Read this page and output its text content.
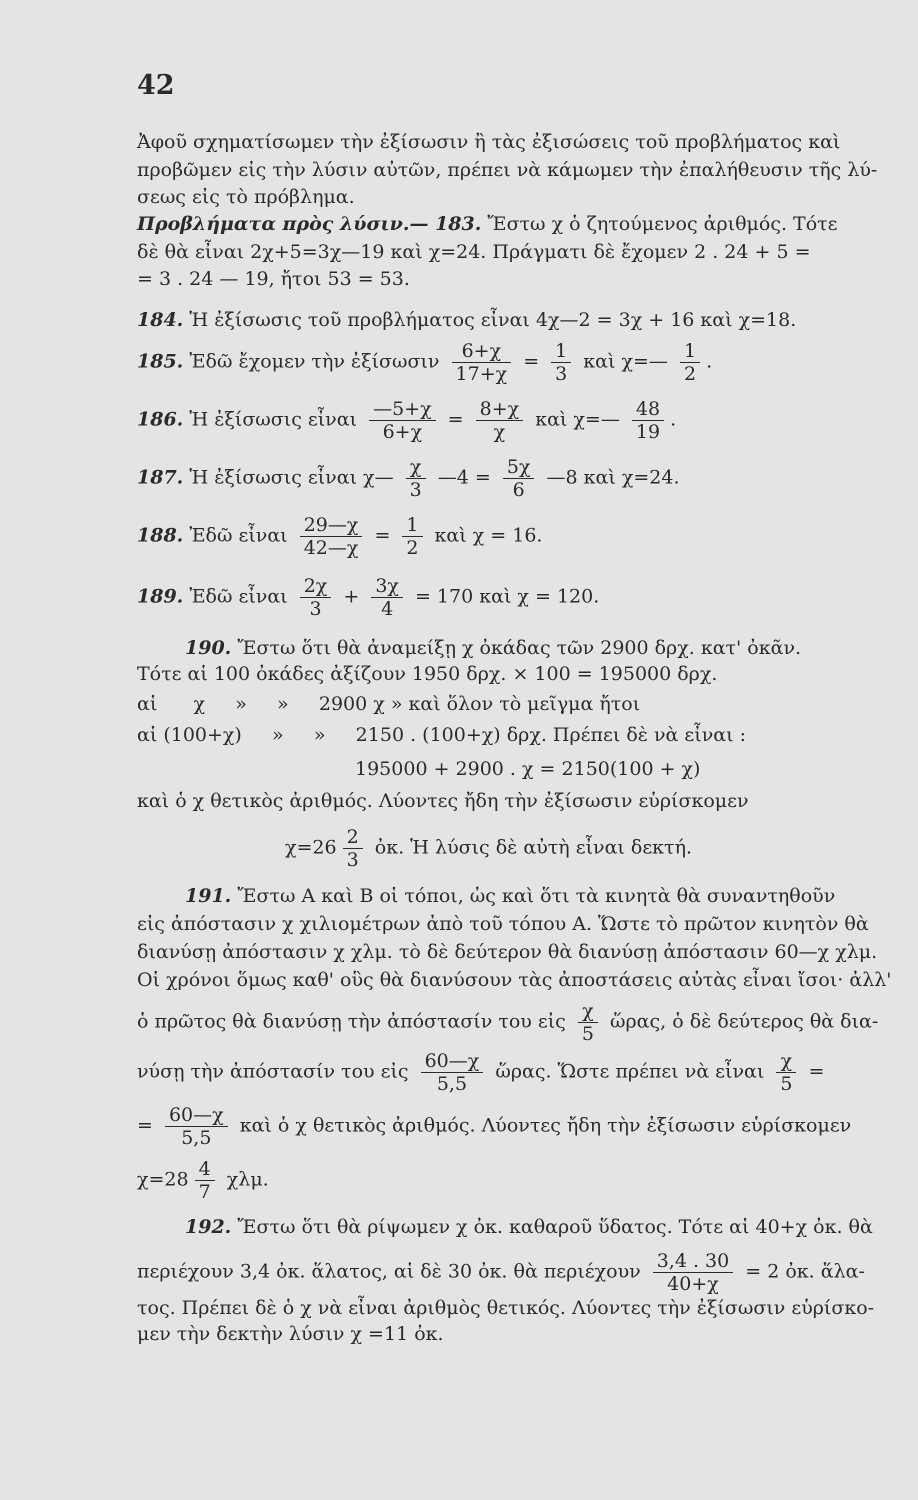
42
Ἀφοῦ σχηματίσωμεν τὴν ἐξίσωσιν ἢ τὰς ἐξισώσεις τοῦ προβλήματος καὶ
προβῶμεν εἰς τὴν λύσιν αὐτῶν, πρέπει νὰ κάμωμεν τὴν ἐπαλήθευσιν τῆς λύ-
σεως εἰς τὸ πρόβλημα.
Προβλήματα πρὸς λύσιν.— 183. Ἔστω χ ὁ ζητούμενος ἀριθμός. Τότε
δὲ θὰ εἶναι 2χ+5=3χ—19 καὶ χ=24. Πράγματι δὲ ἔχομεν 2 . 24 + 5 =
= 3 . 24 — 19, ἤτοι 53 = 53.
184. Ἡ ἐξίσωσις τοῦ προβλήματος εἶναι 4χ—2 = 3χ + 16 καὶ χ=18.
185. Ἐδῶ ἔχομεν τὴν ἐξίσωσιν $\frac{6+\chi}{17+\chi} = \frac{1}{3}$ καὶ χ=— $\frac{1}{2}$ .
186. Ἡ ἐξίσωσις εἶναι $\frac{—5+\chi}{6+\chi} = \frac{8+\chi}{\chi}$ καὶ χ=— $\frac{48}{19}$ .
187. Ἡ ἐξίσωσις εἶναι χ— $\frac{\chi}{3}$ —4 = $\frac{5\chi}{6}$ —8 καὶ χ=24.
188. Ἐδῶ εἶναι $\frac{29—\chi}{42—\chi} = \frac{1}{2}$ καὶ χ = 16.
189. Ἐδῶ εἶναι $\frac{2\chi}{3} + \frac{3\chi}{4} = 170$ καὶ χ = 120.
190. Ἔστω ὅτι θὰ ἀναμείξῃ χ ὀκάδας τῶν 2900 δρχ. κατ' ὀκᾶν.
Τότε αἱ 100 ὀκάδες ἀξίζουν 1950 δρχ. × 100 = 195000 δρχ.
αἱ      χ     »     »     2900 χ » καὶ ὅλον τὸ μεῖγμα ἤτοι
αἱ (100+χ)     »     »     2150 . (100+χ) δρχ. Πρέπει δὲ νὰ εἶναι :
195000 + 2900 . χ = 2150(100 + χ)
καὶ ὁ χ θετικὸς ἀριθμός. Λύοντες ἤδη τὴν ἐξίσωσιν εὑρίσκομεν
$\chi=26 \frac{2}{3}$ ὀκ. Ἡ λύσις δὲ αὐτὴ εἶναι δεκτή.
191. Ἔστω Α καὶ Β οἱ τόποι, ὡς καὶ ὅτι τὰ κινητὰ θὰ συναντηθοῦν
εἰς ἀπόστασιν χ χιλιομέτρων ἀπὸ τοῦ τόπου Α. Ὥστε τὸ πρῶτον κινητὸν θὰ
διανύσῃ ἀπόστασιν χ χλμ. τὸ δὲ δεύτερον θὰ διανύσῃ ἀπόστασιν 60—χ χλμ.
Οἱ χρόνοι ὅμως καθ' οὓς θὰ διανύσουν τὰς ἀποστάσεις αὐτὰς εἶναι ἴσοι· ἀλλ'
ὁ πρῶτος θὰ διανύσῃ τὴν ἀπόστασίν του εἰς $\frac{\chi}{5}$ ὥρας, ὁ δὲ δεύτερος θὰ δια-
νύσῃ τὴν ἀπόστασίν του εἰς $\frac{60—\chi}{5,5}$ ὥρας. Ὥστε πρέπει νὰ εἶναι $\frac{\chi}{5}$ =
= $\frac{60—\chi}{5,5}$ καὶ ὁ χ θετικὸς ἀριθμός. Λύοντες ἤδη τὴν ἐξίσωσιν εὑρίσκομεν
$\chi=28 \frac{4}{7} \chi\lambda\mu$.
192. Ἔστω ὅτι θὰ ρίψωμεν χ ὀκ. καθαροῦ ὕδατος. Τότε αἱ 40+χ ὀκ. θὰ
περιέχουν 3,4 ὀκ. ἅλατος, αἱ δὲ 30 ὀκ. θὰ περιέχουν $\frac{3,4 . 30}{40+\chi} = 2$ ὀκ. ἅλα-
τος. Πρέπει δὲ ὁ χ νὰ εἶναι ἀριθμὸς θετικός. Λύοντες τὴν ἐξίσωσιν εὑρίσκο-
μεν τὴν δεκτὴν λύσιν χ =11 ὀκ.
